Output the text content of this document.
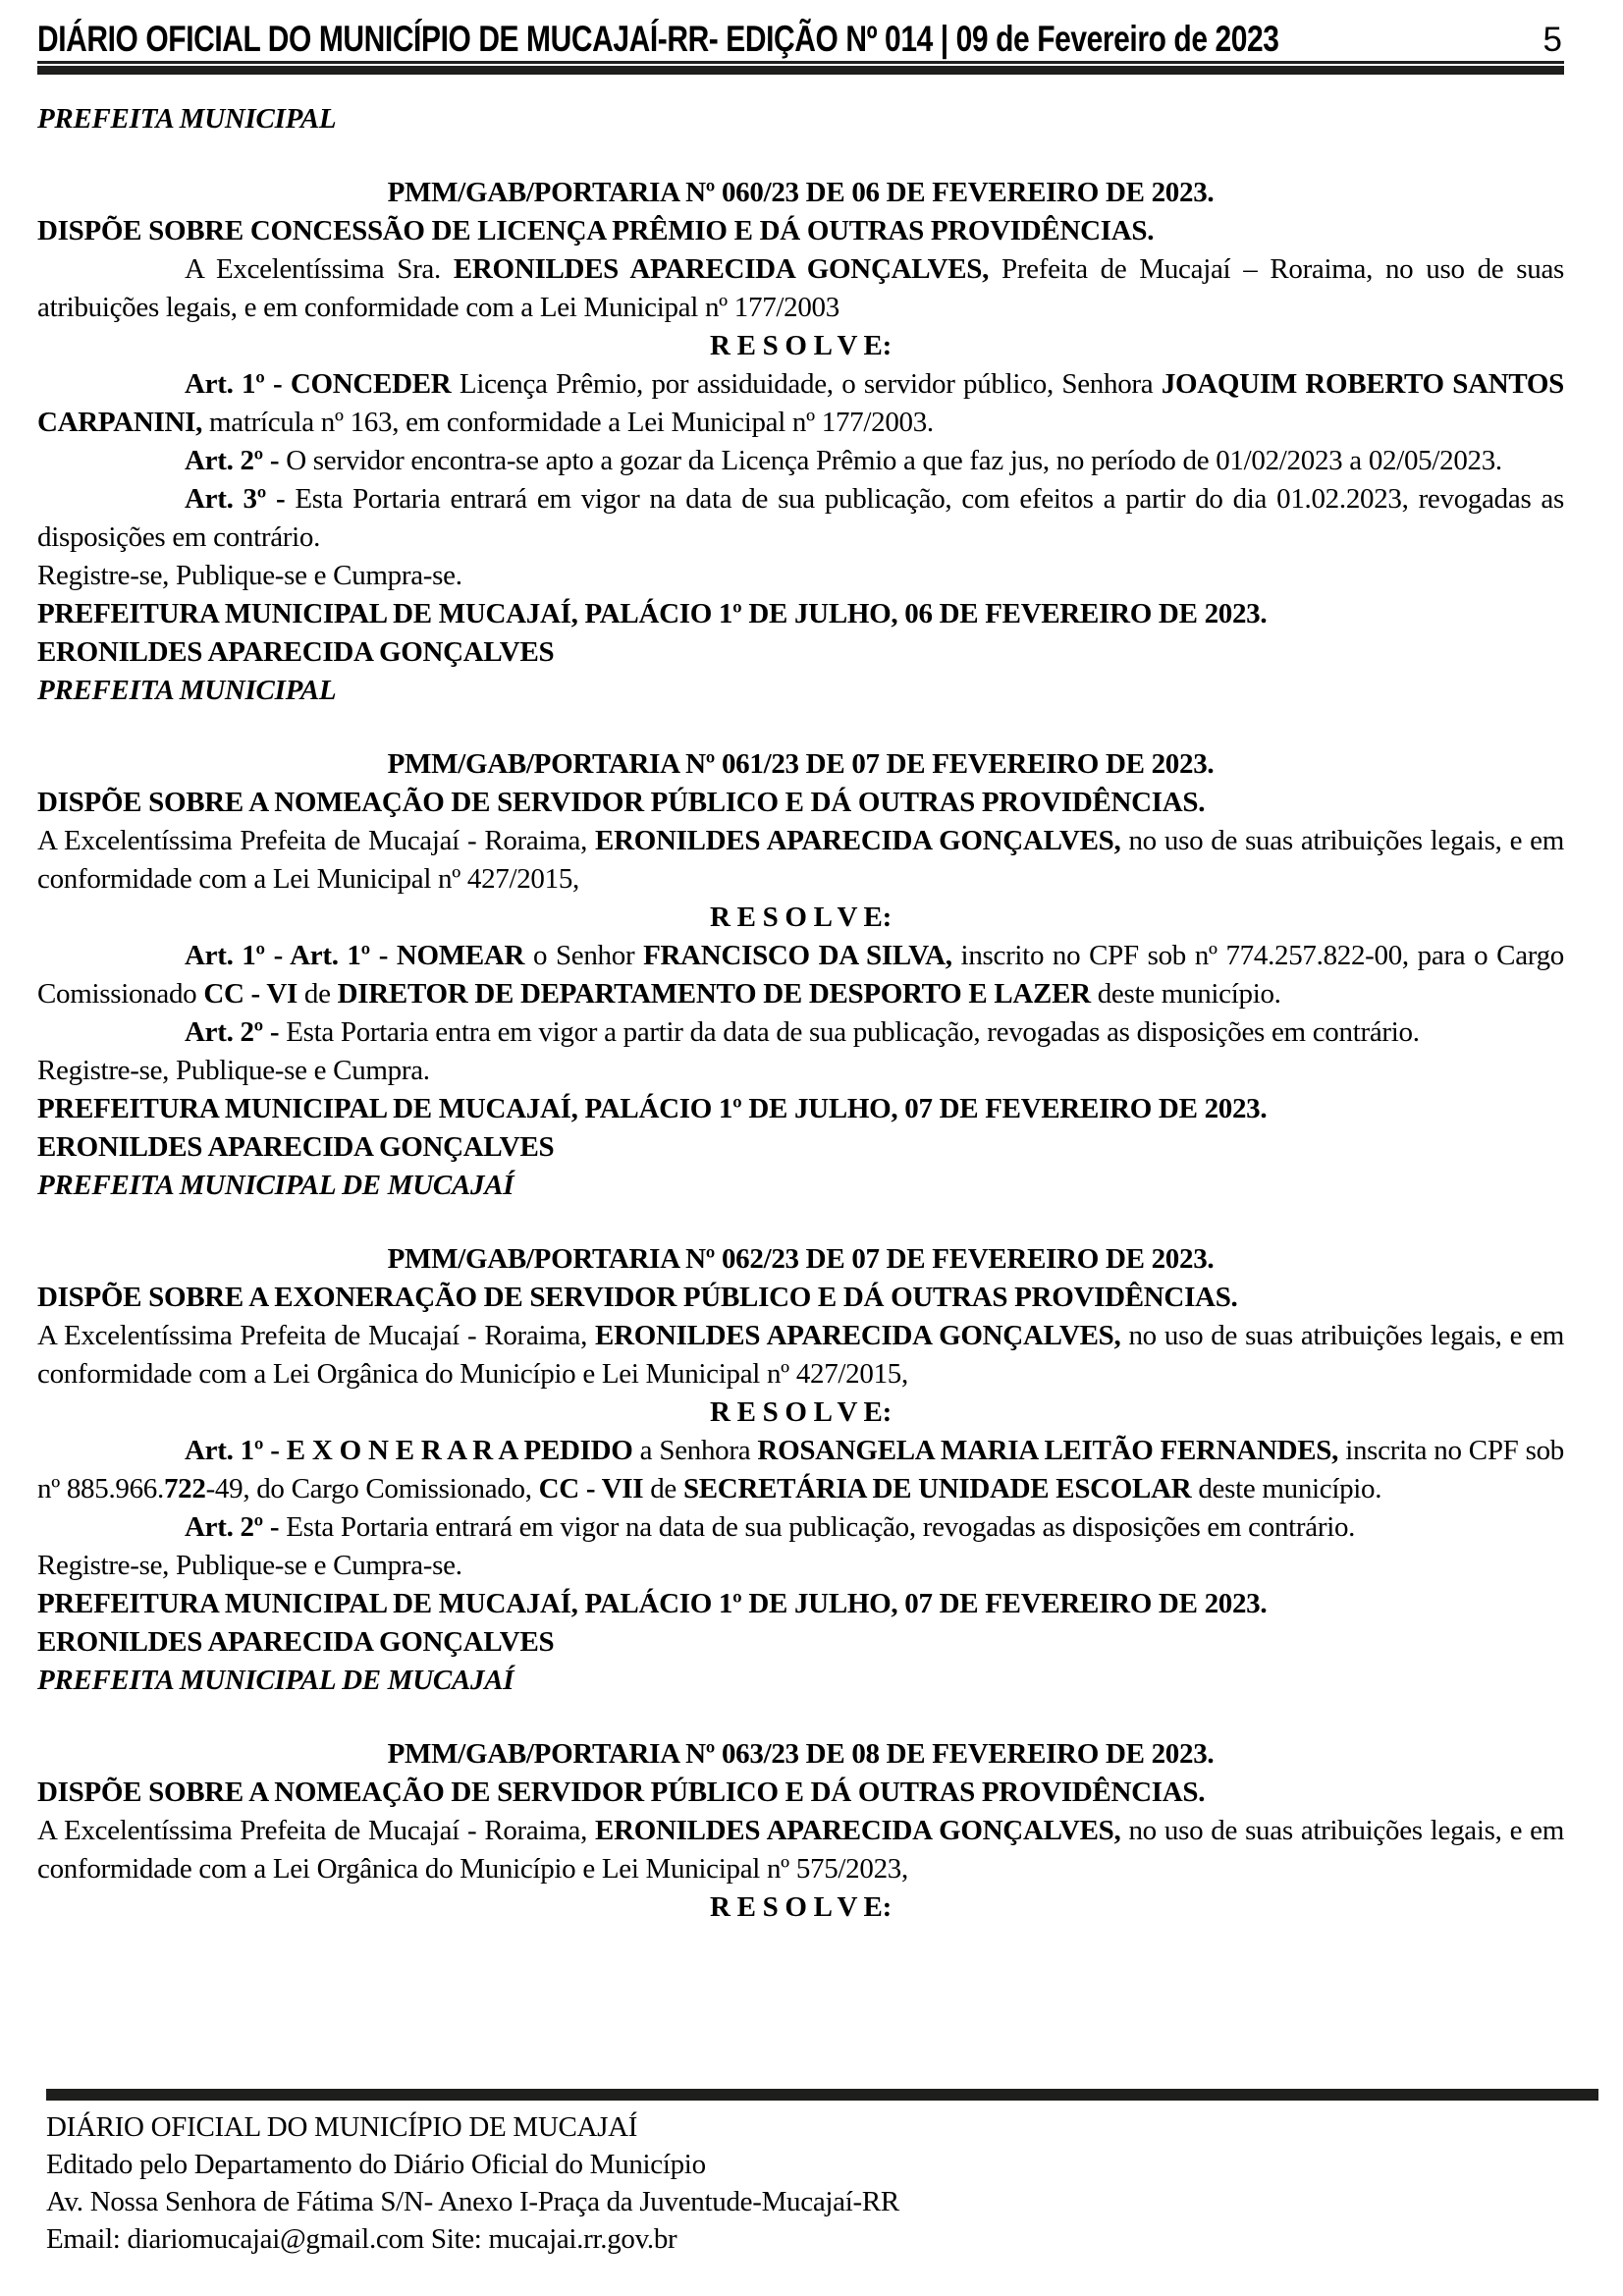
DIÁRIO OFICIAL DO MUNICÍPIO DE MUCAJAÍ-RR- EDIÇÃO Nº 014 | 09 de Fevereiro de 2023	5
PREFEITA MUNICIPAL
PMM/GAB/PORTARIA Nº 060/23 DE 06 DE FEVEREIRO DE 2023.
DISPÕE SOBRE CONCESSÃO DE LICENÇA PRÊMIO E DÁ OUTRAS PROVIDÊNCIAS.
A Excelentíssima Sra. ERONILDES APARECIDA GONÇALVES, Prefeita de Mucajaí – Roraima, no uso de suas atribuições legais, e em conformidade com a Lei Municipal nº 177/2003
R E S O L V E:
Art. 1º - CONCEDER Licença Prêmio, por assiduidade, o servidor público, Senhora JOAQUIM ROBERTO SANTOS CARPANINI, matrícula nº 163, em conformidade a Lei Municipal nº 177/2003.
Art. 2º - O servidor encontra-se apto a gozar da Licença Prêmio a que faz jus, no período de 01/02/2023 a 02/05/2023.
Art. 3º - Esta Portaria entrará em vigor na data de sua publicação, com efeitos a partir do dia 01.02.2023, revogadas as disposições em contrário.
Registre-se, Publique-se e Cumpra-se.
PREFEITURA MUNICIPAL DE MUCAJAÍ, PALÁCIO 1º DE JULHO, 06 DE FEVEREIRO DE 2023.
ERONILDES APARECIDA GONÇALVES
PREFEITA MUNICIPAL
PMM/GAB/PORTARIA Nº 061/23 DE 07 DE FEVEREIRO DE 2023.
DISPÕE SOBRE A NOMEAÇÃO DE SERVIDOR PÚBLICO E DÁ OUTRAS PROVIDÊNCIAS.
A Excelentíssima Prefeita de Mucajaí - Roraima, ERONILDES APARECIDA GONÇALVES, no uso de suas atribuições legais, e em conformidade com a Lei Municipal nº 427/2015,
R E S O L V E:
Art. 1º - Art. 1º - NOMEAR o Senhor FRANCISCO DA SILVA, inscrito no CPF sob nº 774.257.822-00, para o Cargo Comissionado CC - VI de DIRETOR DE DEPARTAMENTO DE DESPORTO E LAZER deste município.
Art. 2º - Esta Portaria entra em vigor a partir da data de sua publicação, revogadas as disposições em contrário.
Registre-se, Publique-se e Cumpra.
PREFEITURA MUNICIPAL DE MUCAJAÍ, PALÁCIO 1º DE JULHO, 07 DE FEVEREIRO DE 2023.
ERONILDES APARECIDA GONÇALVES
PREFEITA MUNICIPAL DE MUCAJAÍ
PMM/GAB/PORTARIA Nº 062/23 DE 07 DE FEVEREIRO DE 2023.
DISPÕE SOBRE A EXONERAÇÃO DE SERVIDOR PÚBLICO E DÁ OUTRAS PROVIDÊNCIAS.
A Excelentíssima Prefeita de Mucajaí - Roraima, ERONILDES APARECIDA GONÇALVES, no uso de suas atribuições legais, e em conformidade com a Lei Orgânica do Município e Lei Municipal nº 427/2015,
R E S O L V E:
Art. 1º - E X O N E R A R A PEDIDO a Senhora ROSANGELA MARIA LEITÃO FERNANDES, inscrita no CPF sob nº 885.966.722-49, do Cargo Comissionado, CC - VII de SECRETÁRIA DE UNIDADE ESCOLAR deste município.
Art. 2º - Esta Portaria entrará em vigor na data de sua publicação, revogadas as disposições em contrário.
Registre-se, Publique-se e Cumpra-se.
PREFEITURA MUNICIPAL DE MUCAJAÍ, PALÁCIO 1º DE JULHO, 07 DE FEVEREIRO DE 2023.
ERONILDES APARECIDA GONÇALVES
PREFEITA MUNICIPAL DE MUCAJAÍ
PMM/GAB/PORTARIA Nº 063/23 DE 08 DE FEVEREIRO DE 2023.
DISPÕE SOBRE A NOMEAÇÃO DE SERVIDOR PÚBLICO E DÁ OUTRAS PROVIDÊNCIAS.
A Excelentíssima Prefeita de Mucajaí - Roraima, ERONILDES APARECIDA GONÇALVES, no uso de suas atribuições legais, e em conformidade com a Lei Orgânica do Município e Lei Municipal nº 575/2023,
R E S O L V E:
DIÁRIO OFICIAL DO MUNICÍPIO DE MUCAJAÍ
Editado pelo Departamento do Diário Oficial do Município
Av. Nossa Senhora de Fátima S/N- Anexo I-Praça da Juventude-Mucajaí-RR
Email: diariomucajai@gmail.com Site: mucajai.rr.gov.br
